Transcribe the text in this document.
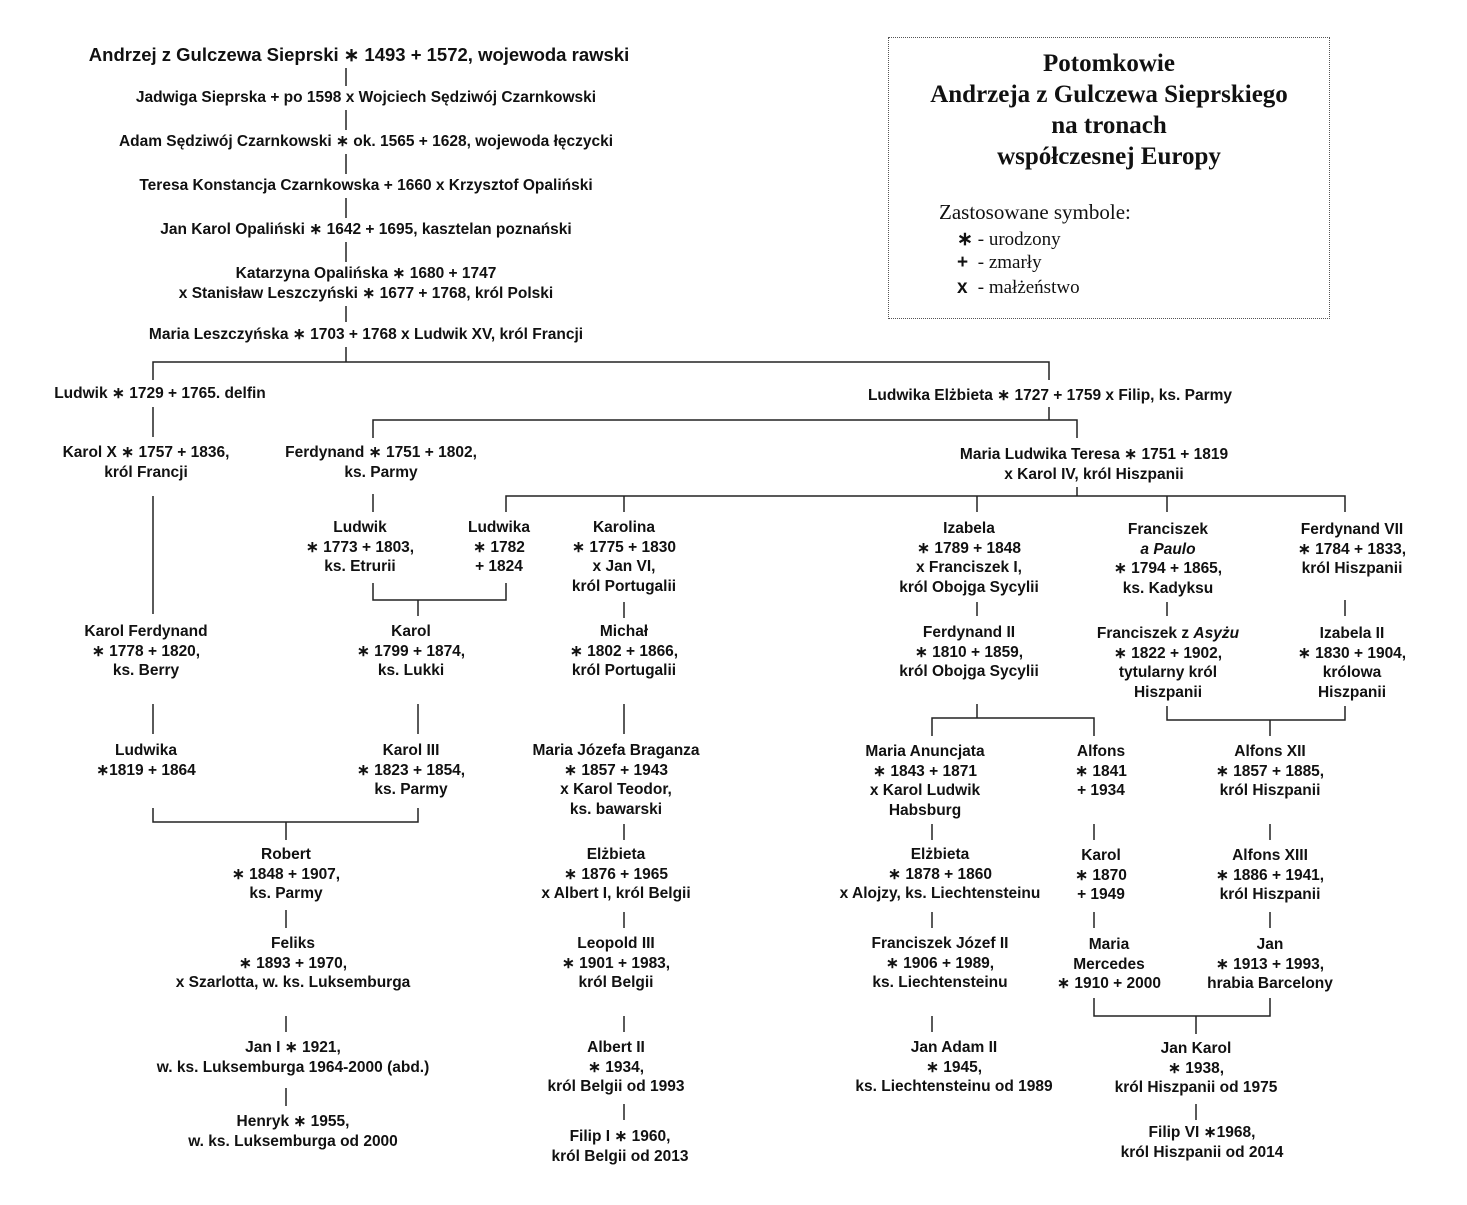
Andrzej z Gulczewa Sieprski ∗ 1493 + 1572, wojewoda rawski
Jadwiga Sieprska + po 1598 x Wojciech Sędziwój Czarnkowski
Adam Sędziwój Czarnkowski ∗ ok. 1565 + 1628, wojewoda łęczycki
Teresa Konstancja Czarnkowska + 1660 x Krzysztof Opaliński
Jan Karol Opaliński ∗ 1642 + 1695, kasztelan poznański
Katarzyna Opalińska ∗ 1680 + 1747
x Stanisław Leszczyński ∗ 1677 + 1768, król Polski
Maria Leszczyńska ∗ 1703 + 1768 x Ludwik XV, król Francji
Ludwik ∗ 1729 + 1765. delfin	Ludwika Elżbieta ∗ 1727 + 1759 x Filip, ks. Parmy
Karol X ∗ 1757 + 1836,
król Francji
Ferdynand ∗ 1751 + 1802,
ks. Parmy
Maria Ludwika Teresa ∗ 1751 + 1819
x Karol IV, król Hiszpanii
Ludwik
∗ 1773 + 1803,
ks. Etrurii
Ludwika
∗ 1782
+ 1824
Karolina
∗ 1775 + 1830
x Jan VI,
król Portugalii
Izabela
∗ 1789 + 1848
x Franciszek I,
król Obojga Sycylii
Franciszek
a Paulo
∗ 1794 + 1865,
ks. Kadyksu
Ferdynand VII
∗ 1784 + 1833,
król Hiszpanii
Karol Ferdynand
∗ 1778 + 1820,
ks. Berry
Karol
∗ 1799 + 1874,
ks. Lukki
Michał
∗ 1802 + 1866,
król Portugalii
Ferdynand II
∗ 1810 + 1859,
król Obojga Sycylii
Franciszek z Asyżu
∗ 1822 + 1902,
tytularny król
Hiszpanii
Izabela II
∗ 1830 + 1904,
królowa
Hiszpanii
Ludwika
∗1819 + 1864
Karol III
∗ 1823 + 1854,
ks. Parmy
Maria Józefa Braganza
∗ 1857 + 1943
x Karol Teodor,
ks. bawarski
Maria Anuncjata
∗ 1843 + 1871
x Karol Ludwik
Habsburg
Alfons
∗ 1841
+ 1934
Alfons XII
∗ 1857 + 1885,
król Hiszpanii
Robert
∗ 1848 + 1907,
ks. Parmy
Elżbieta
∗ 1876 + 1965
x Albert I, król Belgii
Elżbieta
∗ 1878 + 1860
x Alojzy, ks. Liechtensteinu
Karol
∗ 1870
+ 1949
Alfons XIII
∗ 1886 + 1941,
król Hiszpanii
Feliks
∗ 1893 + 1970,
x Szarlotta, w. ks. Luksemburga
Leopold III
∗ 1901 + 1983,
król Belgii
Franciszek Józef II
∗ 1906 + 1989,
ks. Liechtensteinu
Maria
Mercedes
∗ 1910 + 2000
Jan
∗ 1913 + 1993,
hrabia Barcelony
Jan I ∗ 1921,
w. ks. Luksemburga 1964-2000 (abd.)
Albert II
∗ 1934,
król Belgii od 1993
Jan Adam II
∗ 1945,
ks. Liechtensteinu od 1989
Jan Karol
∗ 1938,
król Hiszpanii od 1975
Henryk ∗ 1955,
w. ks. Luksemburga od 2000	Filip I ∗ 1960,
król Belgii od 2013
Filip VI ∗1968,
król Hiszpanii od 2014
Potomkowie
Andrzeja z Gulczewa Sieprskiego
na tronach
współczesnej Europy
Zastosowane symbole:
∗ - urodzony
+ - zmarły
x - małżeństwo
